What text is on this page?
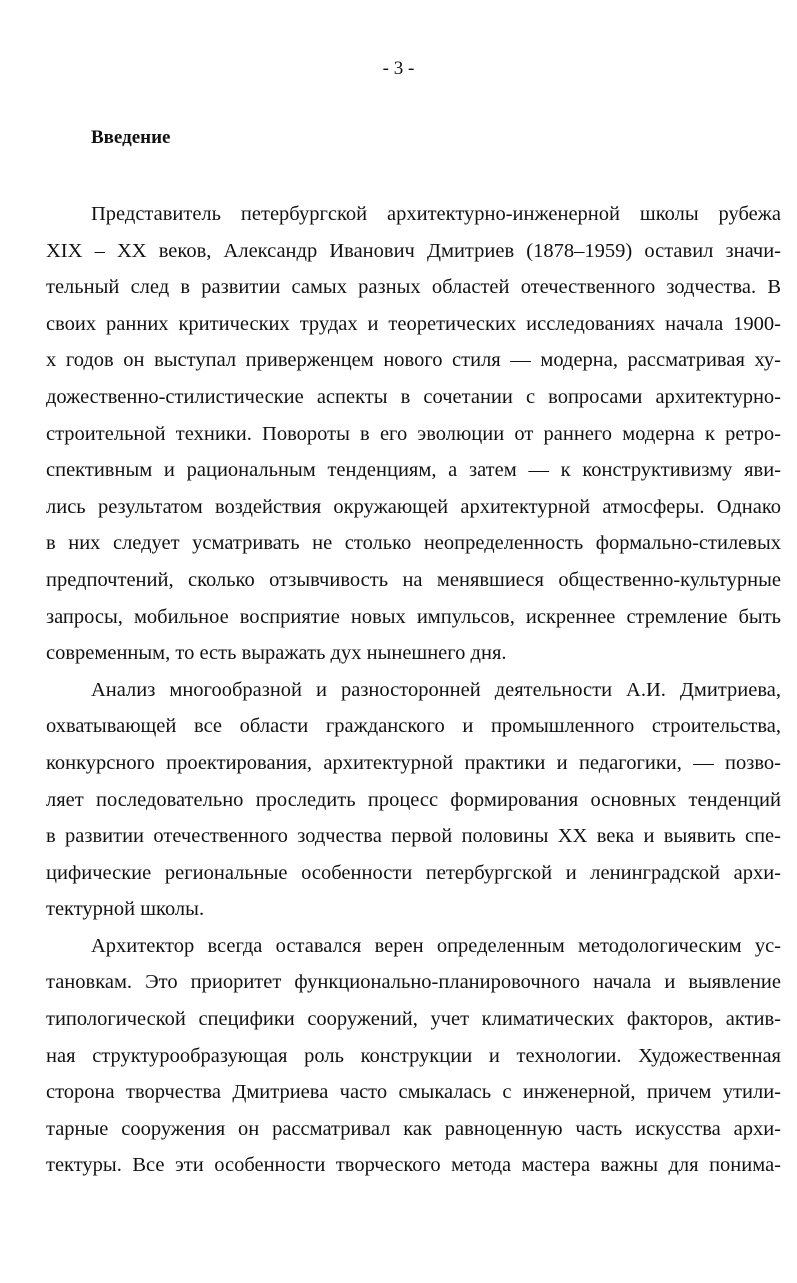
- 3 -
Введение
Представитель петербургской архитектурно-инженерной школы рубежа
XIX – XX веков, Александр Иванович Дмитриев (1878–1959) оставил значи-
тельный след в развитии самых разных областей отечественного зодчества. В
своих ранних критических трудах и теоретических исследованиях начала 1900-
х годов он выступал приверженцем нового стиля — модерна, рассматривая ху-
дожественно-стилистические аспекты в сочетании с вопросами архитектурно-
строительной техники. Повороты в его эволюции от раннего модерна к ретро-
спективным и рациональным тенденциям, а затем — к конструктивизму яви-
лись результатом воздействия окружающей архитектурной атмосферы. Однако
в них следует усматривать не столько неопределенность формально-стилевых
предпочтений, сколько отзывчивость на менявшиеся общественно-культурные
запросы, мобильное восприятие новых импульсов, искреннее стремление быть
современным, то есть выражать дух нынешнего дня.
Анализ многообразной и разносторонней деятельности А.И. Дмитриева,
охватывающей все области гражданского и промышленного строительства,
конкурсного проектирования, архитектурной практики и педагогики, — позво-
ляет последовательно проследить процесс формирования основных тенденций
в развитии отечественного зодчества первой половины XX века и выявить спе-
цифические региональные особенности петербургской и ленинградской архи-
тектурной школы.
Архитектор всегда оставался верен определенным методологическим ус-
тановкам. Это приоритет функционально-планировочного начала и выявление
типологической специфики сооружений, учет климатических факторов, актив-
ная структурообразующая роль конструкции и технологии. Художественная
сторона творчества Дмитриева часто смыкалась с инженерной, причем утили-
тарные сооружения он рассматривал как равноценную часть искусства архи-
тектуры. Все эти особенности творческого метода мастера важны для понима-
